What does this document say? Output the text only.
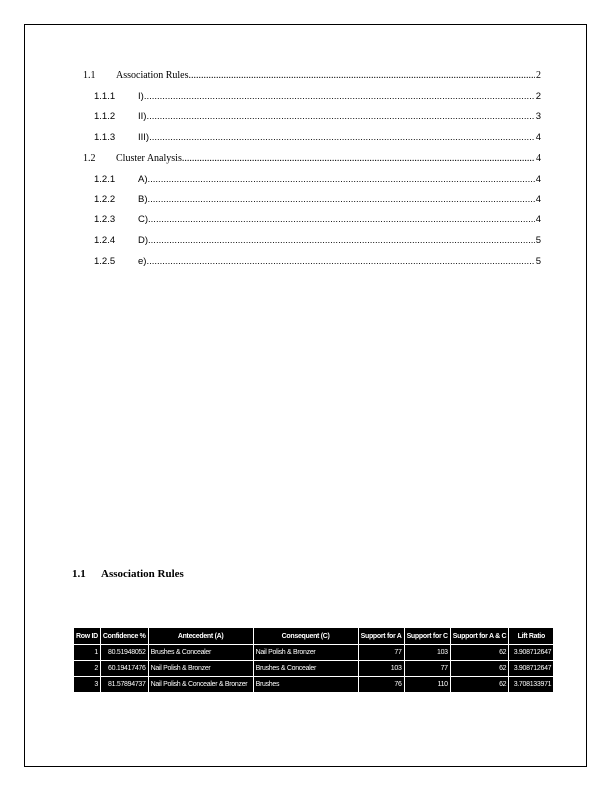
1.1	Association Rules .....	2
1.1.1	I) .....	2
1.1.2	II) .....	3
1.1.3	III) .....	4
1.2	Cluster Analysis .....	4
1.2.1	A) .....	4
1.2.2	B) .....	4
1.2.3	C) .....	4
1.2.4	D) .....	5
1.2.5	e) .....	5
1.1	Association Rules
Row ID	Confidence %	Antecedent (A)	Consequent (C)	Support for A	Support for C	Support for A & C	Lift Ratio
1	80.51948052	Brushes & Concealer	Nail Polish & Bronzer	77	103	62	3.908712647
2	60.19417476	Nail Polish & Bronzer	Brushes & Concealer	103	77	62	3.908712647
3	81.57894737	Nail Polish & Concealer & Bronzer	Brushes	76	110	62	3.708133971
